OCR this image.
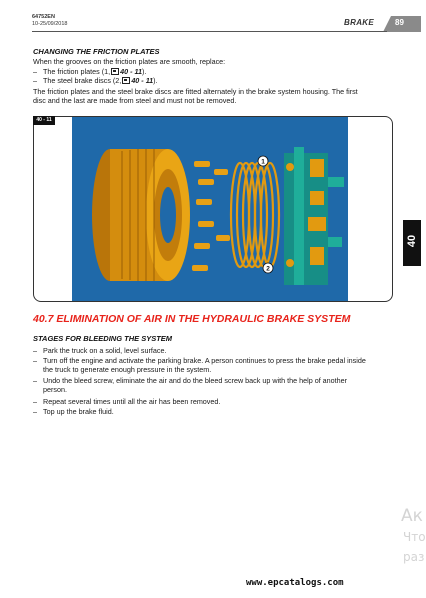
64752EN
10-25/09/2018	BRAKE	89
CHANGING THE FRICTION PLATES
When the grooves on the friction plates are smooth, replace:
– The friction plates (1, 40 - 11).
– The steel brake discs (2, 40 - 11).
The friction plates and the steel brake discs are fitted alternately in the brake system housing. The first
disc and the last are made from steel and must not be removed.
40 - 11
1
2
40
40.7 ELIMINATION OF AIR IN THE HYDRAULIC BRAKE SYSTEM
STAGES FOR BLEEDING THE SYSTEM
– Park the truck on a solid, level surface.
– Turn off the engine and activate the parking brake. A person continues to press the brake pedal inside
the truck to generate enough pressure in the system.
– Undo the bleed screw, eliminate the air and do the bleed screw back up with the help of another
person.
– Repeat several times until all the air has been removed.
– Top up the brake fluid.
Ак
Что
раз
www.epcatalogs.com
